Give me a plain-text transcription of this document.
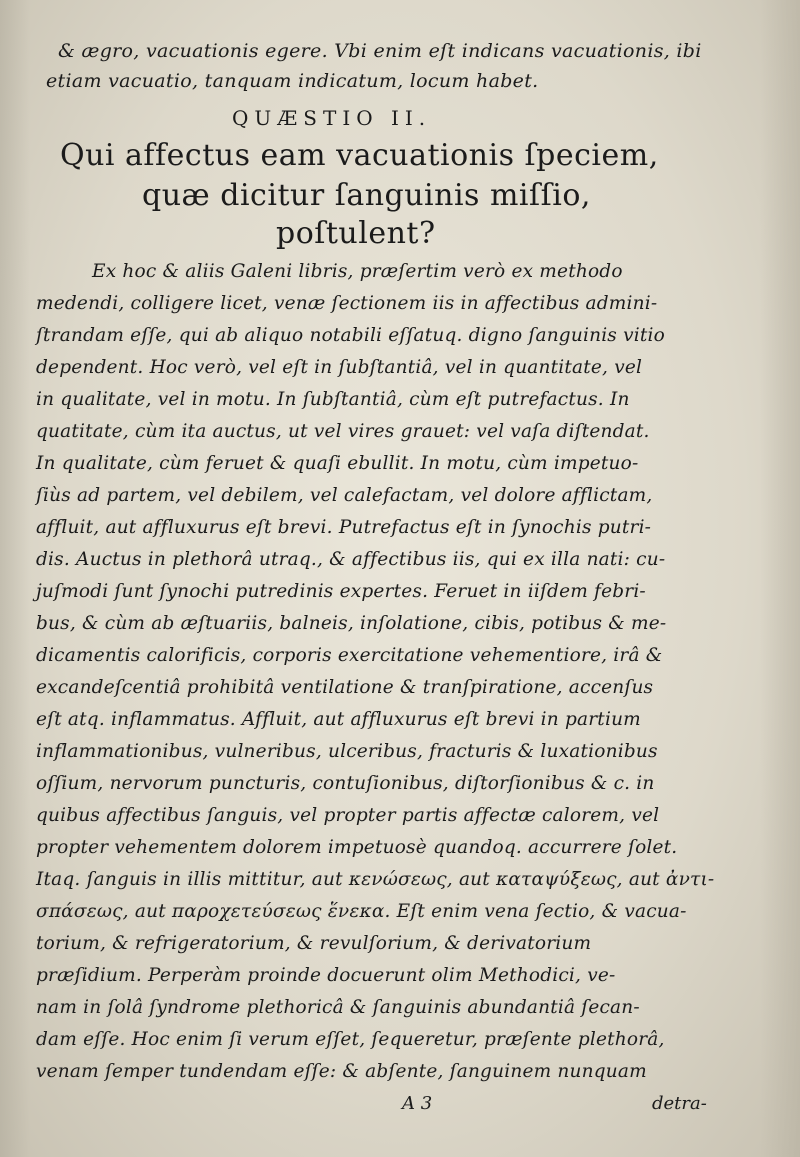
& ægro, vacuationis egere. Vbi enim eſt indicans vacuationis, ibi
etiam vacuatio, tanquam indicatum, locum habet.
QUÆSTIO II.
Qui affectus eam vacuationis ſpeciem,
quæ dicitur ſanguinis miſſio,
poſtulent?
Ex hoc & aliis Galeni libris, præſertim verò ex methodo
medendi, colligere licet, venæ ſectionem iis in affectibus admini-
ſtrandam eſſe, qui ab aliquo notabili eſſatuq. digno ſanguinis vitio
dependent. Hoc verò, vel eſt in ſubſtantiâ, vel in quantitate, vel
in qualitate, vel in motu. In ſubſtantiâ, cùm eſt putrefactus. In
quatitate, cùm ita auctus, ut vel vires grauet: vel vaſa diſtendat.
In qualitate, cùm feruet & quaſi ebullit. In motu, cùm impetuo-
ſiùs ad partem, vel debilem, vel calefactam, vel dolore afflictam,
affluit, aut affluxurus eſt brevi. Putrefactus eſt in ſynochis putri-
dis. Auctus in plethorâ utraq., & affectibus iis, qui ex illa nati: cu-
juſmodi ſunt ſynochi putredinis expertes. Feruet in iiſdem febri-
bus, & cùm ab æſtuariis, balneis, inſolatione, cibis, potibus & me-
dicamentis calorificis, corporis exercitatione vehementiore, irâ &
excandeſcentiâ prohibitâ ventilatione & tranſpiratione, accenſus
eſt atq. inflammatus. Affluit, aut affluxurus eſt brevi in partium
inflammationibus, vulneribus, ulceribus, fracturis & luxationibus
oſſium, nervorum puncturis, contuſionibus, diſtorſionibus & c. in
quibus affectibus ſanguis, vel propter partis affectæ calorem, vel
propter vehementem dolorem impetuosè quandoq. accurrere ſolet.
Itaq. ſanguis in illis mittitur, aut κενώσεως, aut καταψύξεως, aut ἀντι-
σπάσεως, aut παροχετεύσεως ἕνεκα. Eſt enim vena ſectio, & vacua-
torium, & refrigeratorium, & revulſorium, & derivatorium
præſidium. Perperàm proinde docuerunt olim Methodici, ve-
nam in ſolâ ſyndrome plethoricâ & ſanguinis abundantiâ ſecan-
dam eſſe. Hoc enim ſi verum eſſet, ſequeretur, præſente plethorâ,
venam ſemper tundendam eſſe: & abſente, ſanguinem nunquam
A 3	detra-
